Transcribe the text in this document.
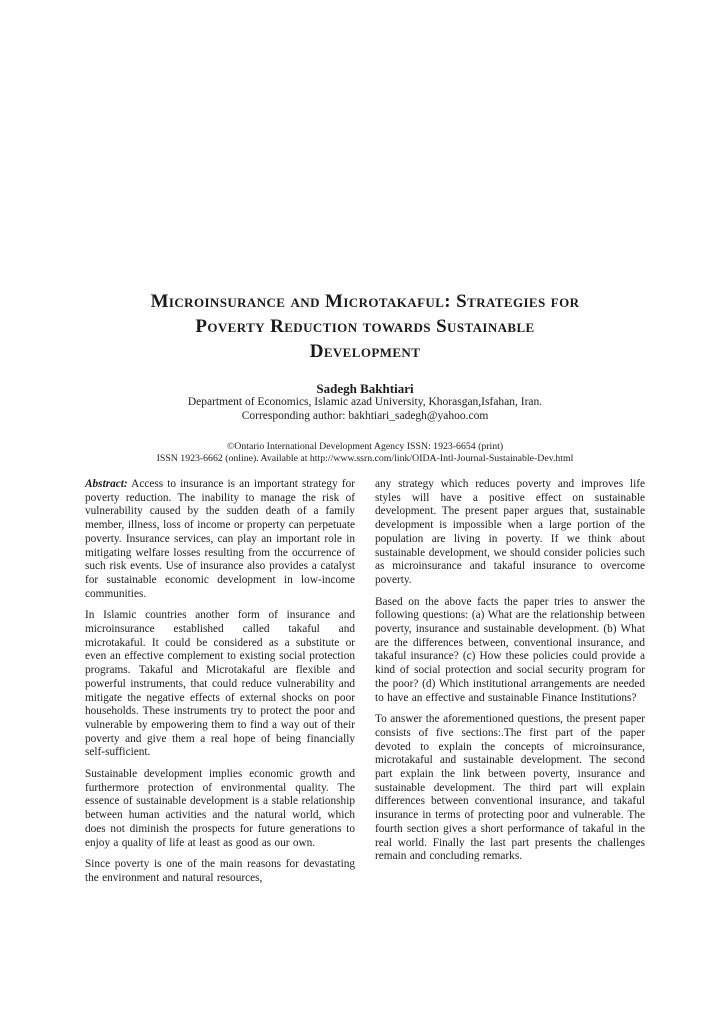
Microinsurance and Microtakaful: Strategies for
Poverty Reduction towards Sustainable
Development
Sadegh Bakhtiari
Department of Economics, Islamic azad University, Khorasgan,Isfahan, Iran.
Corresponding author: bakhtiari_sadegh@yahoo.com
©Ontario International Development Agency ISSN: 1923-6654 (print)
ISSN 1923-6662 (online). Available at http://www.ssrn.com/link/OIDA-Intl-Journal-Sustainable-Dev.html

Abstract: Access to insurance is an important strategy for poverty reduction. The inability to manage the risk of vulnerability caused by the sudden death of a family member, illness, loss of income or property can perpetuate poverty. Insurance services, can play an important role in mitigating welfare losses resulting from the occurrence of such risk events. Use of insurance also provides a catalyst for sustainable economic development in low-income communities.

In Islamic countries another form of insurance and microinsurance established called takaful and microtakaful. It could be considered as a substitute or even an effective complement to existing social protection programs. Takaful and Microtakaful are flexible and powerful instruments, that could reduce vulnerability and mitigate the negative effects of external shocks on poor households. These instruments try to protect the poor and vulnerable by empowering them to find a way out of their poverty and give them a real hope of being financially self-sufficient.

Sustainable development implies economic growth and furthermore protection of environmental quality. The essence of sustainable development is a stable relationship between human activities and the natural world, which does not diminish the prospects for future generations to enjoy a quality of life at least as good as our own.

Since poverty is one of the main reasons for devastating the environment and natural resources,

any strategy which reduces poverty and improves life styles will have a positive effect on sustainable development. The present paper argues that, sustainable development is impossible when a large portion of the population are living in poverty. If we think about sustainable development, we should consider policies such as microinsurance and takaful insurance to overcome poverty.

Based on the above facts the paper tries to answer the following questions: (a) What are the relationship between poverty, insurance and sustainable development. (b) What are the differences between, conventional insurance, and takaful insurance? (c) How these policies could provide a kind of social protection and social security program for the poor? (d) Which institutional arrangements are needed to have an effective and sustainable Finance Institutions?

To answer the aforementioned questions, the present paper consists of five sections:.The first part of the paper devoted to explain the concepts of microinsurance, microtakaful and sustainable development. The second part explain the link between poverty, insurance and sustainable development. The third part will explain differences between conventional insurance, and takaful insurance in terms of protecting poor and vulnerable. The fourth section gives a short performance of takaful in the real world. Finally the last part presents the challenges remain and concluding remarks.
